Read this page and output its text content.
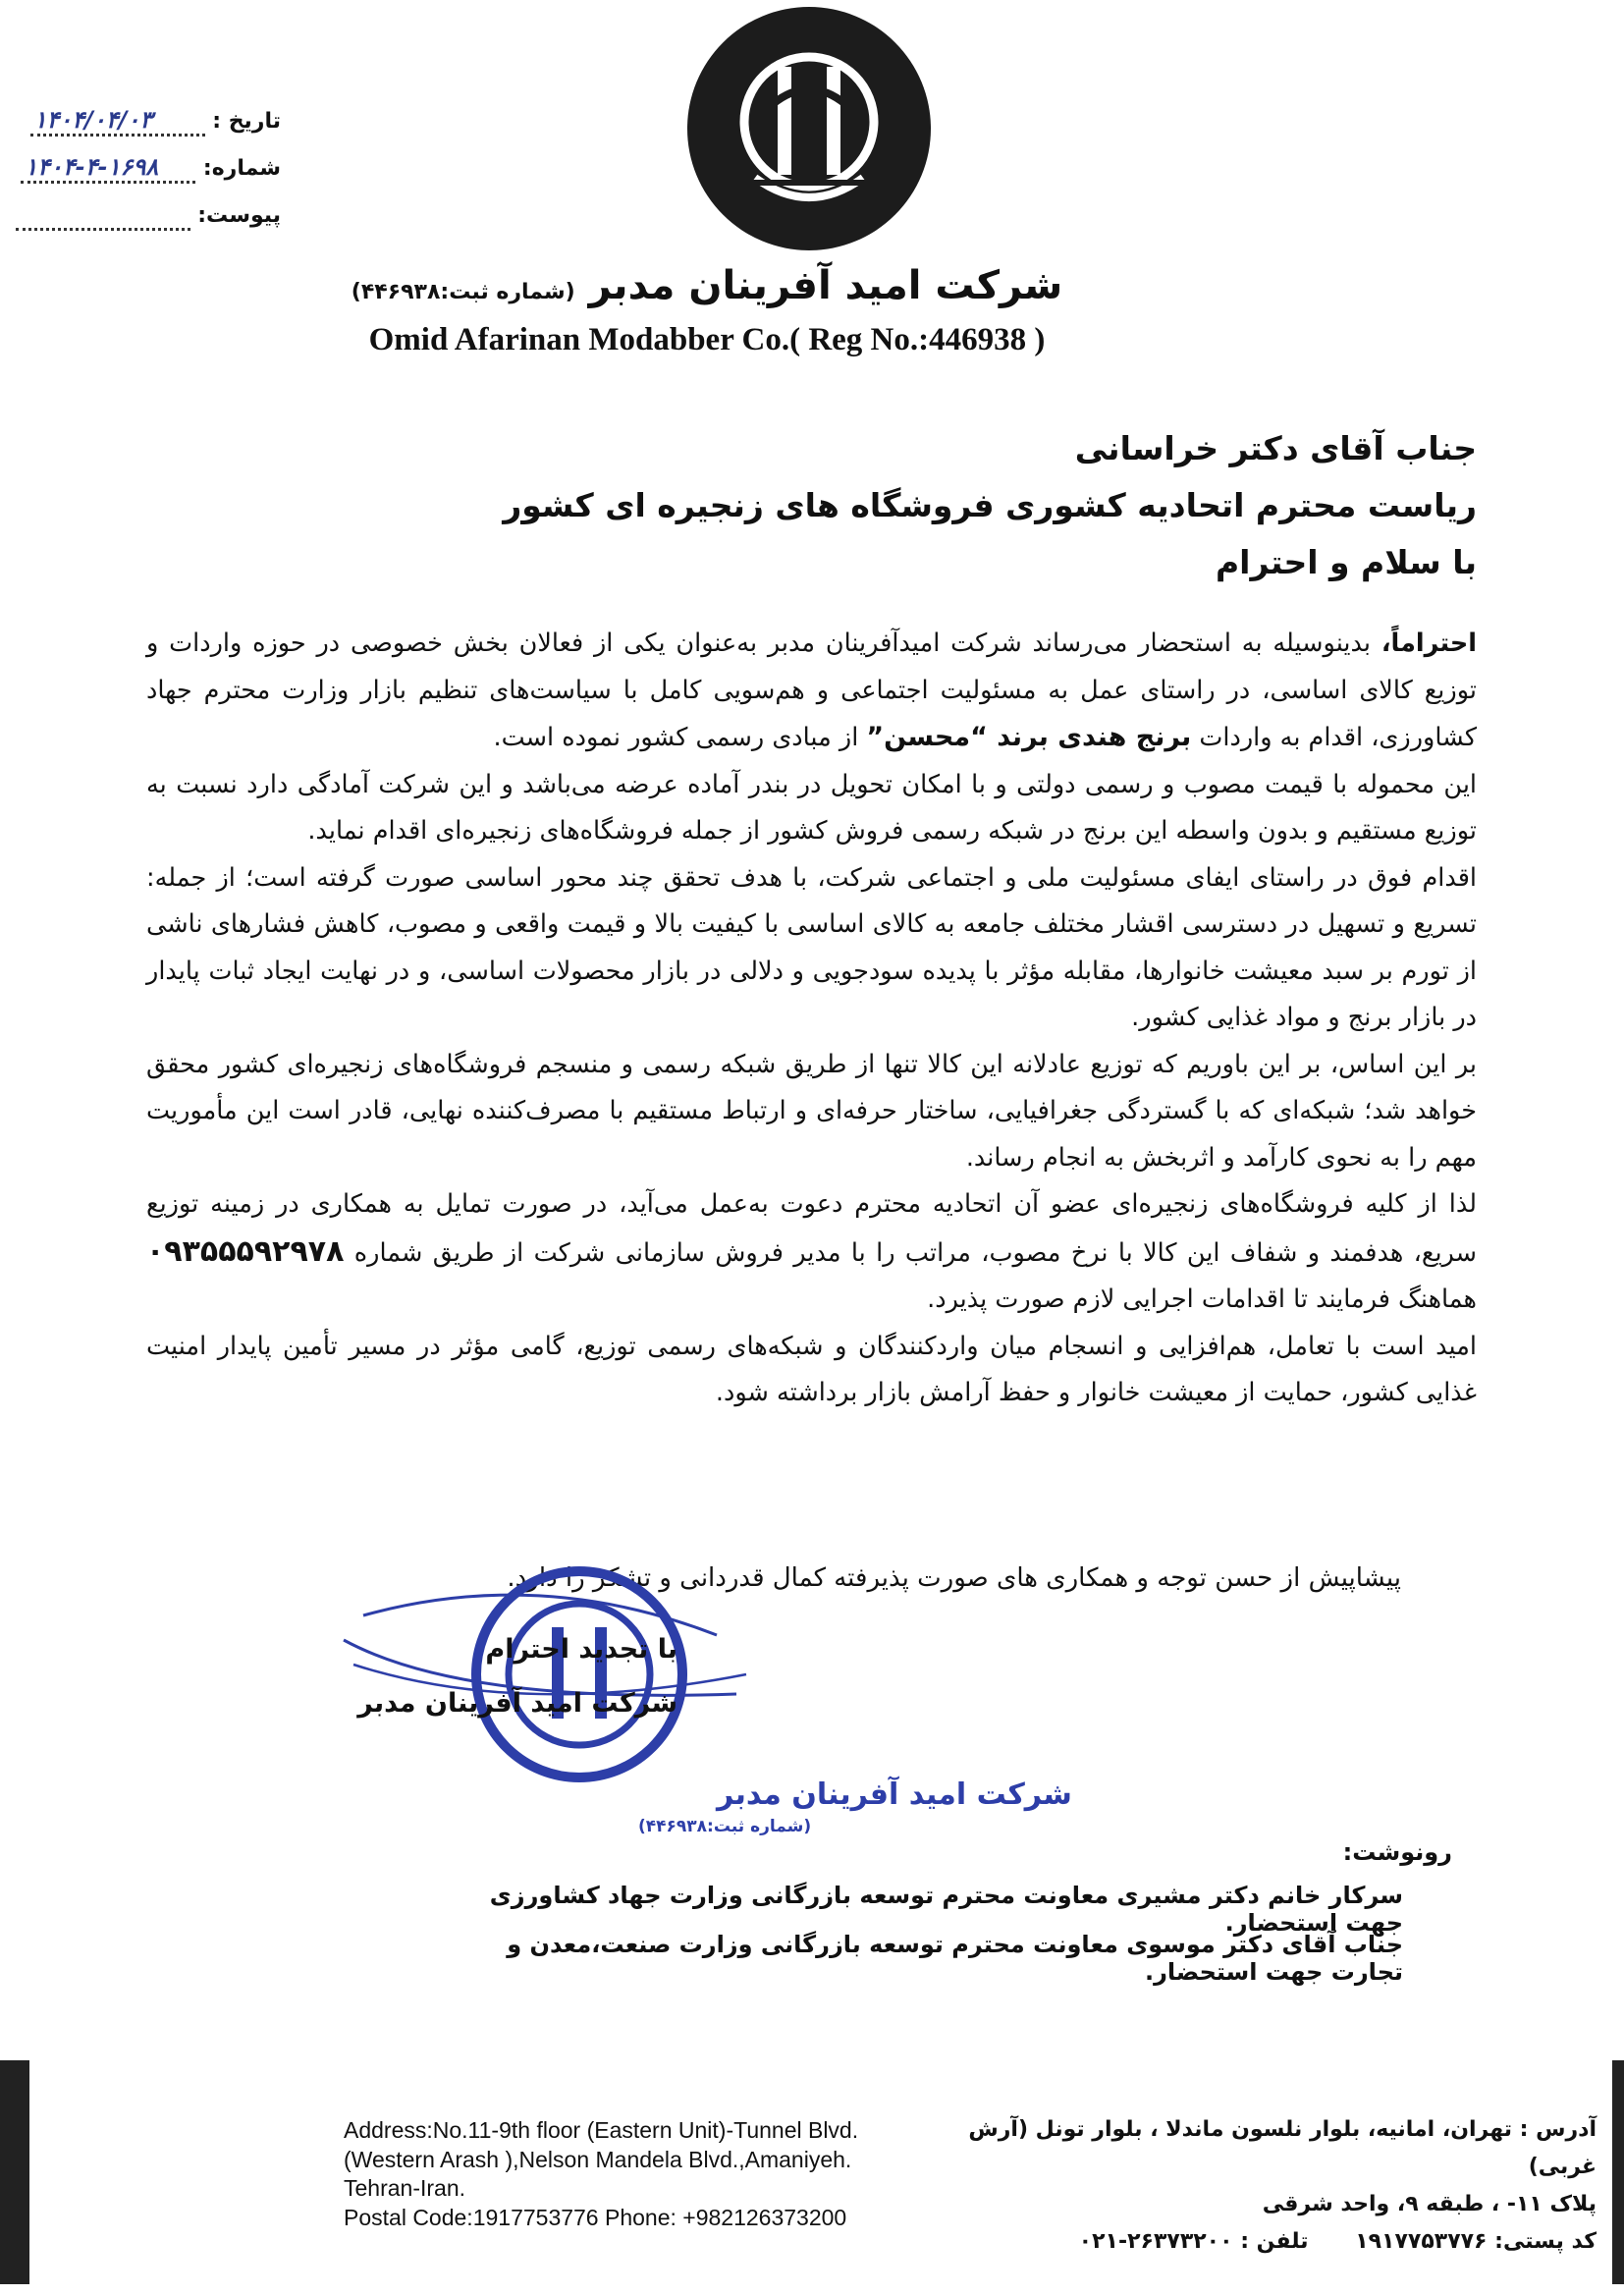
شرکت امید آفرینان مدبر (شماره ثبت:۴۴۶۹۳۸)
Omid Afarinan Modabber Co.( Reg No.:446938 )
تاریخ : ۱۴۰۴/۰۴/۰۳
شماره: ۱۴۰۴-۴-۱۶۹۸
پیوست:
جناب آقای دکتر خراسانی
ریاست محترم اتحادیه کشوری فروشگاه های زنجیره ای کشور
با سلام و احترام

احتراماً، بدینوسیله به استحضار می‌رساند شرکت امیدآفرینان مدبر به‌عنوان یکی از فعالان بخش خصوصی در حوزه واردات و توزیع کالای اساسی، در راستای عمل به مسئولیت اجتماعی و هم‌سویی کامل با سیاست‌های تنظیم بازار وزارت محترم جهاد کشاورزی، اقدام به واردات برنج هندی برند “محسن” از مبادی رسمی کشور نموده است.

این محموله با قیمت مصوب و رسمی دولتی و با امکان تحویل در بندر آماده عرضه می‌باشد و این شرکت آمادگی دارد نسبت به توزیع مستقیم و بدون واسطه این برنج در شبکه رسمی فروش کشور از جمله فروشگاه‌های زنجیره‌ای اقدام نماید.

اقدام فوق در راستای ایفای مسئولیت ملی و اجتماعی شرکت، با هدف تحقق چند محور اساسی صورت گرفته است؛ از جمله: تسریع و تسهیل در دسترسی اقشار مختلف جامعه به کالای اساسی با کیفیت بالا و قیمت واقعی و مصوب، کاهش فشارهای ناشی از تورم بر سبد معیشت خانوارها، مقابله مؤثر با پدیده سودجویی و دلالی در بازار محصولات اساسی، و در نهایت ایجاد ثبات پایدار در بازار برنج و مواد غذایی کشور.

بر این اساس، بر این باوریم که توزیع عادلانه این کالا تنها از طریق شبکه رسمی و منسجم فروشگاه‌های زنجیره‌ای کشور محقق خواهد شد؛ شبکه‌ای که با گستردگی جغرافیایی، ساختار حرفه‌ای و ارتباط مستقیم با مصرف‌کننده نهایی، قادر است این مأموریت مهم را به نحوی کارآمد و اثربخش به انجام رساند.

لذا از کلیه فروشگاه‌های زنجیره‌ای عضو آن اتحادیه محترم دعوت به‌عمل می‌آید، در صورت تمایل به همکاری در زمینه توزیع سریع، هدفمند و شفاف این کالا با نرخ مصوب، مراتب را با مدیر فروش سازمانی شرکت از طریق شماره ۰۹۳۵۵۵۹۲۹۷۸ هماهنگ فرمایند تا اقدامات اجرایی لازم صورت پذیرد.

امید است با تعامل، هم‌افزایی و انسجام میان واردکنندگان و شبکه‌های رسمی توزیع، گامی مؤثر در مسیر تأمین پایدار امنیت غذایی کشور، حمایت از معیشت خانوار و حفظ آرامش بازار برداشته شود.

پیشاپیش از حسن توجه و همکاری های صورت پذیرفته کمال قدردانی و تشکر را دارد.
شرکت امید آفرینان مدبر
(شماره ثبت:۴۴۶۹۳۸)
با تجدید احترام
شرکت امید آفرینان مدبر
رونوشت:
سرکار خانم دکتر مشیری معاونت محترم توسعه بازرگانی وزارت جهاد کشاورزی جهت استحضار.
جناب آقای دکتر موسوی معاونت محترم توسعه بازرگانی وزارت صنعت،معدن و تجارت جهت استحضار.
Address:No.11-9th floor (Eastern Unit)-Tunnel Blvd.
(Western Arash ),Nelson Mandela Blvd.,Amaniyeh.
Tehran-Iran.
Postal Code:1917753776 Phone: +982126373200
آدرس : تهران، امانیه، بلوار نلسون ماندلا ، بلوار تونل (آرش غربی)
پلاک ۱۱- ، طبقه ۹، واحد شرقی
کد پستی: ۱۹۱۷۷۵۳۷۷۶ تلفن : ۲۶۳۷۳۲۰۰-۰۲۱
